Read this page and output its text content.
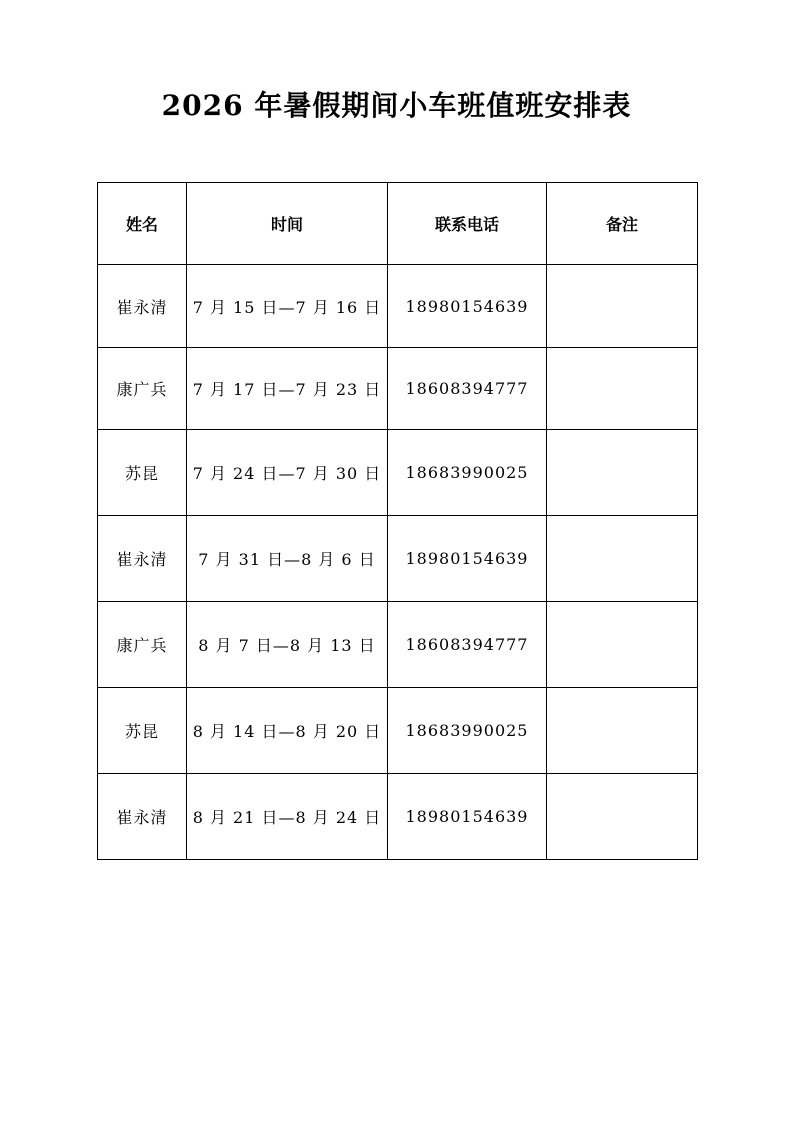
2026 年暑假期间小车班值班安排表
姓名	时间	联系电话	备注
崔永清	7 月 15 日—7 月 16 日	18980154639	
康广兵	7 月 17 日—7 月 23 日	18608394777	
苏昆	7 月 24 日—7 月 30 日	18683990025	
崔永清	7 月 31 日—8 月 6 日	18980154639	
康广兵	8 月 7 日—8 月 13 日	18608394777	
苏昆	8 月 14 日—8 月 20 日	18683990025	
崔永清	8 月 21 日—8 月 24 日	18980154639	
